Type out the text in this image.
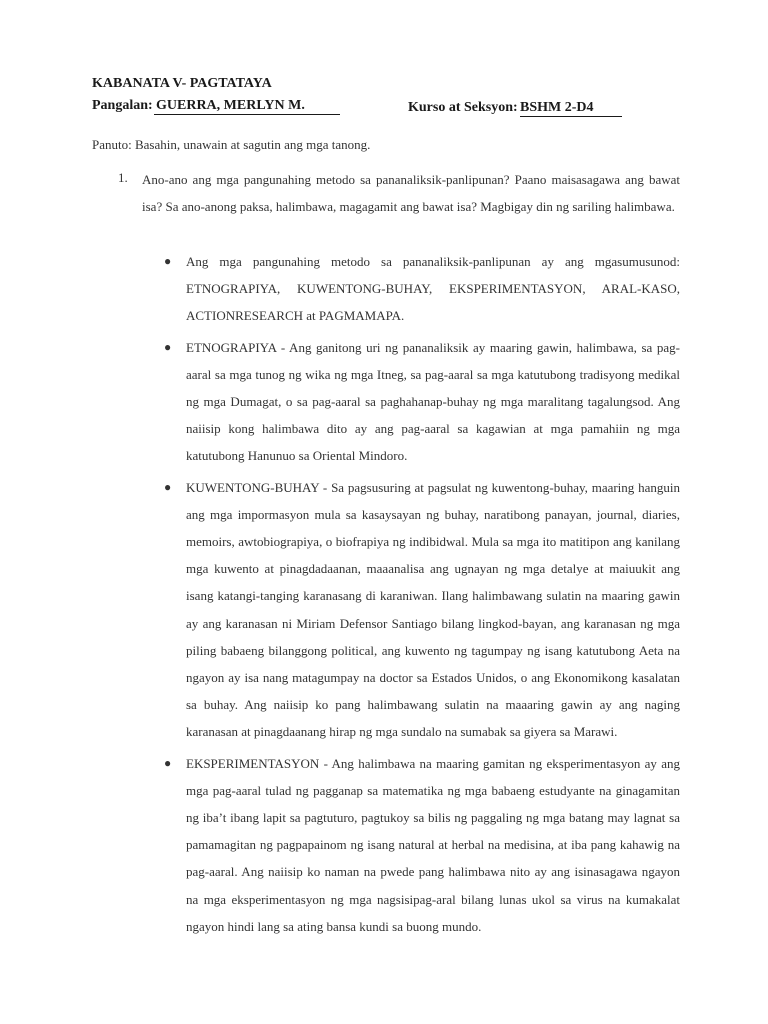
KABANATA V- PAGTATAYA
Pangalan: GUERRA, MERLYN M.	Kurso at Seksyon: BSHM 2-D4
Panuto: Basahin, unawain at sagutin ang mga tanong.
1. Ano-ano ang mga pangunahing metodo sa pananaliksik-panlipunan? Paano maisasagawa ang bawat isa? Sa ano-anong paksa, halimbawa, magagamit ang bawat isa? Magbigay din ng sariling halimbawa.
● Ang mga pangunahing metodo sa pananaliksik-panlipunan ay ang mgasumusunod: ETNOGRAPIYA, KUWENTONG-BUHAY, EKSPERIMENTASYON, ARAL-KASO, ACTIONRESEARCH at PAGMAMAPA.
● ETNOGRAPIYA - Ang ganitong uri ng pananaliksik ay maaring gawin, halimbawa, sa pag-aaral sa mga tunog ng wika ng mga Itneg, sa pag-aaral sa mga katutubong tradisyong medikal ng mga Dumagat, o sa pag-aaral sa paghahanap-buhay ng mga maralitang tagalungsod. Ang naiisip kong halimbawa dito ay ang pag-aaral sa kagawian at mga pamahiin ng mga katutubong Hanunuo sa Oriental Mindoro.
● KUWENTONG-BUHAY - Sa pagsusuring at pagsulat ng kuwentong-buhay, maaring hanguin ang mga impormasyon mula sa kasaysayan ng buhay, naratibong panayan, journal, diaries, memoirs, awtobiograpiya, o biofrapiya ng indibidwal. Mula sa mga ito matitipon ang kanilang mga kuwento at pinagdadaanan, maaanalisa ang ugnayan ng mga detalye at maiuukit ang isang katangi-tanging karanasang di karaniwan. Ilang halimbawang sulatin na maaring gawin ay ang karanasan ni Miriam Defensor Santiago bilang lingkod-bayan, ang karanasan ng mga piling babaeng bilanggong political, ang kuwento ng tagumpay ng isang katutubong Aeta na ngayon ay isa nang matagumpay na doctor sa Estados Unidos, o ang Ekonomikong kasalatan sa buhay. Ang naiisip ko pang halimbawang sulatin na maaaring gawin ay ang naging karanasan at pinagdaanang hirap ng mga sundalo na sumabak sa giyera sa Marawi.
● EKSPERIMENTASYON - Ang halimbawa na maaring gamitan ng eksperimentasyon ay ang mga pag-aaral tulad ng pagganap sa matematika ng mga babaeng estudyante na ginagamitan ng iba’t ibang lapit sa pagtuturo, pagtukoy sa bilis ng paggaling ng mga batang may lagnat sa pamamagitan ng pagpapainom ng isang natural at herbal na medisina, at iba pang kahawig na pag-aaral. Ang naiisip ko naman na pwede pang halimbawa nito ay ang isinasagawa ngayon na mga eksperimentasyon ng mga nagsisipag-aral bilang lunas ukol sa virus na kumakalat ngayon hindi lang sa ating bansa kundi sa buong mundo.
